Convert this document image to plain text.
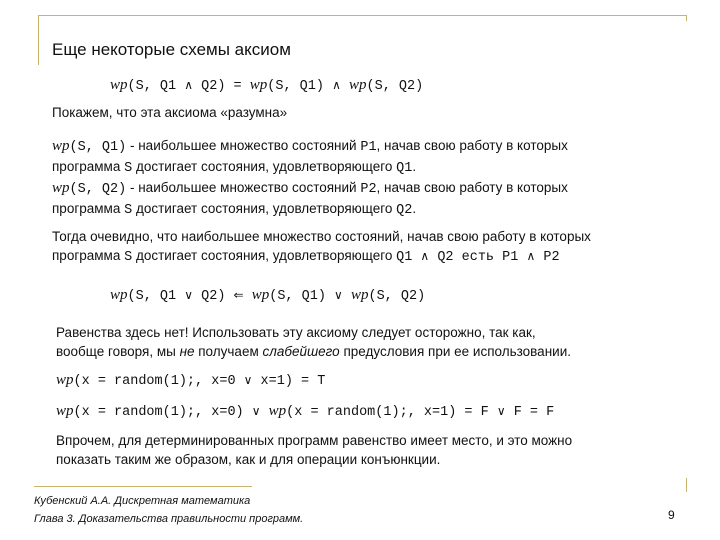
Еще некоторые схемы аксиом
wp(S, Q1 ∧ Q2) = wp(S, Q1) ∧ wp(S, Q2)
Покажем, что эта аксиома «разумна»
wp(S, Q1) - наибольшее множество состояний P1, начав свою работу в которых
программа S достигает состояния, удовлетворяющего Q1.
wp(S, Q2) - наибольшее множество состояний P2, начав свою работу в которых
программа S достигает состояния, удовлетворяющего Q2.
Тогда очевидно, что наибольшее множество состояний, начав свою работу в которых
программа S достигает состояния, удовлетворяющего Q1 ∧ Q2 есть P1 ∧ P2
wp(S, Q1 ∨ Q2) ⇐ wp(S, Q1) ∨ wp(S, Q2)
Равенства здесь нет! Использовать эту аксиому следует осторожно, так как,
вообще говоря, мы не получаем слабейшего предусловия при ее использовании.
wp(x = random(1);, x=0 ∨ x=1) = T
wp(x = random(1);, x=0) ∨ wp(x = random(1);, x=1) = F ∨ F = F
Впрочем, для детерминированных программ равенство имеет место, и это можно
показать таким же образом, как и для операции конъюнкции.
Кубенский А.А. Дискретная математика
Глава 3. Доказательства правильности программ.	9
